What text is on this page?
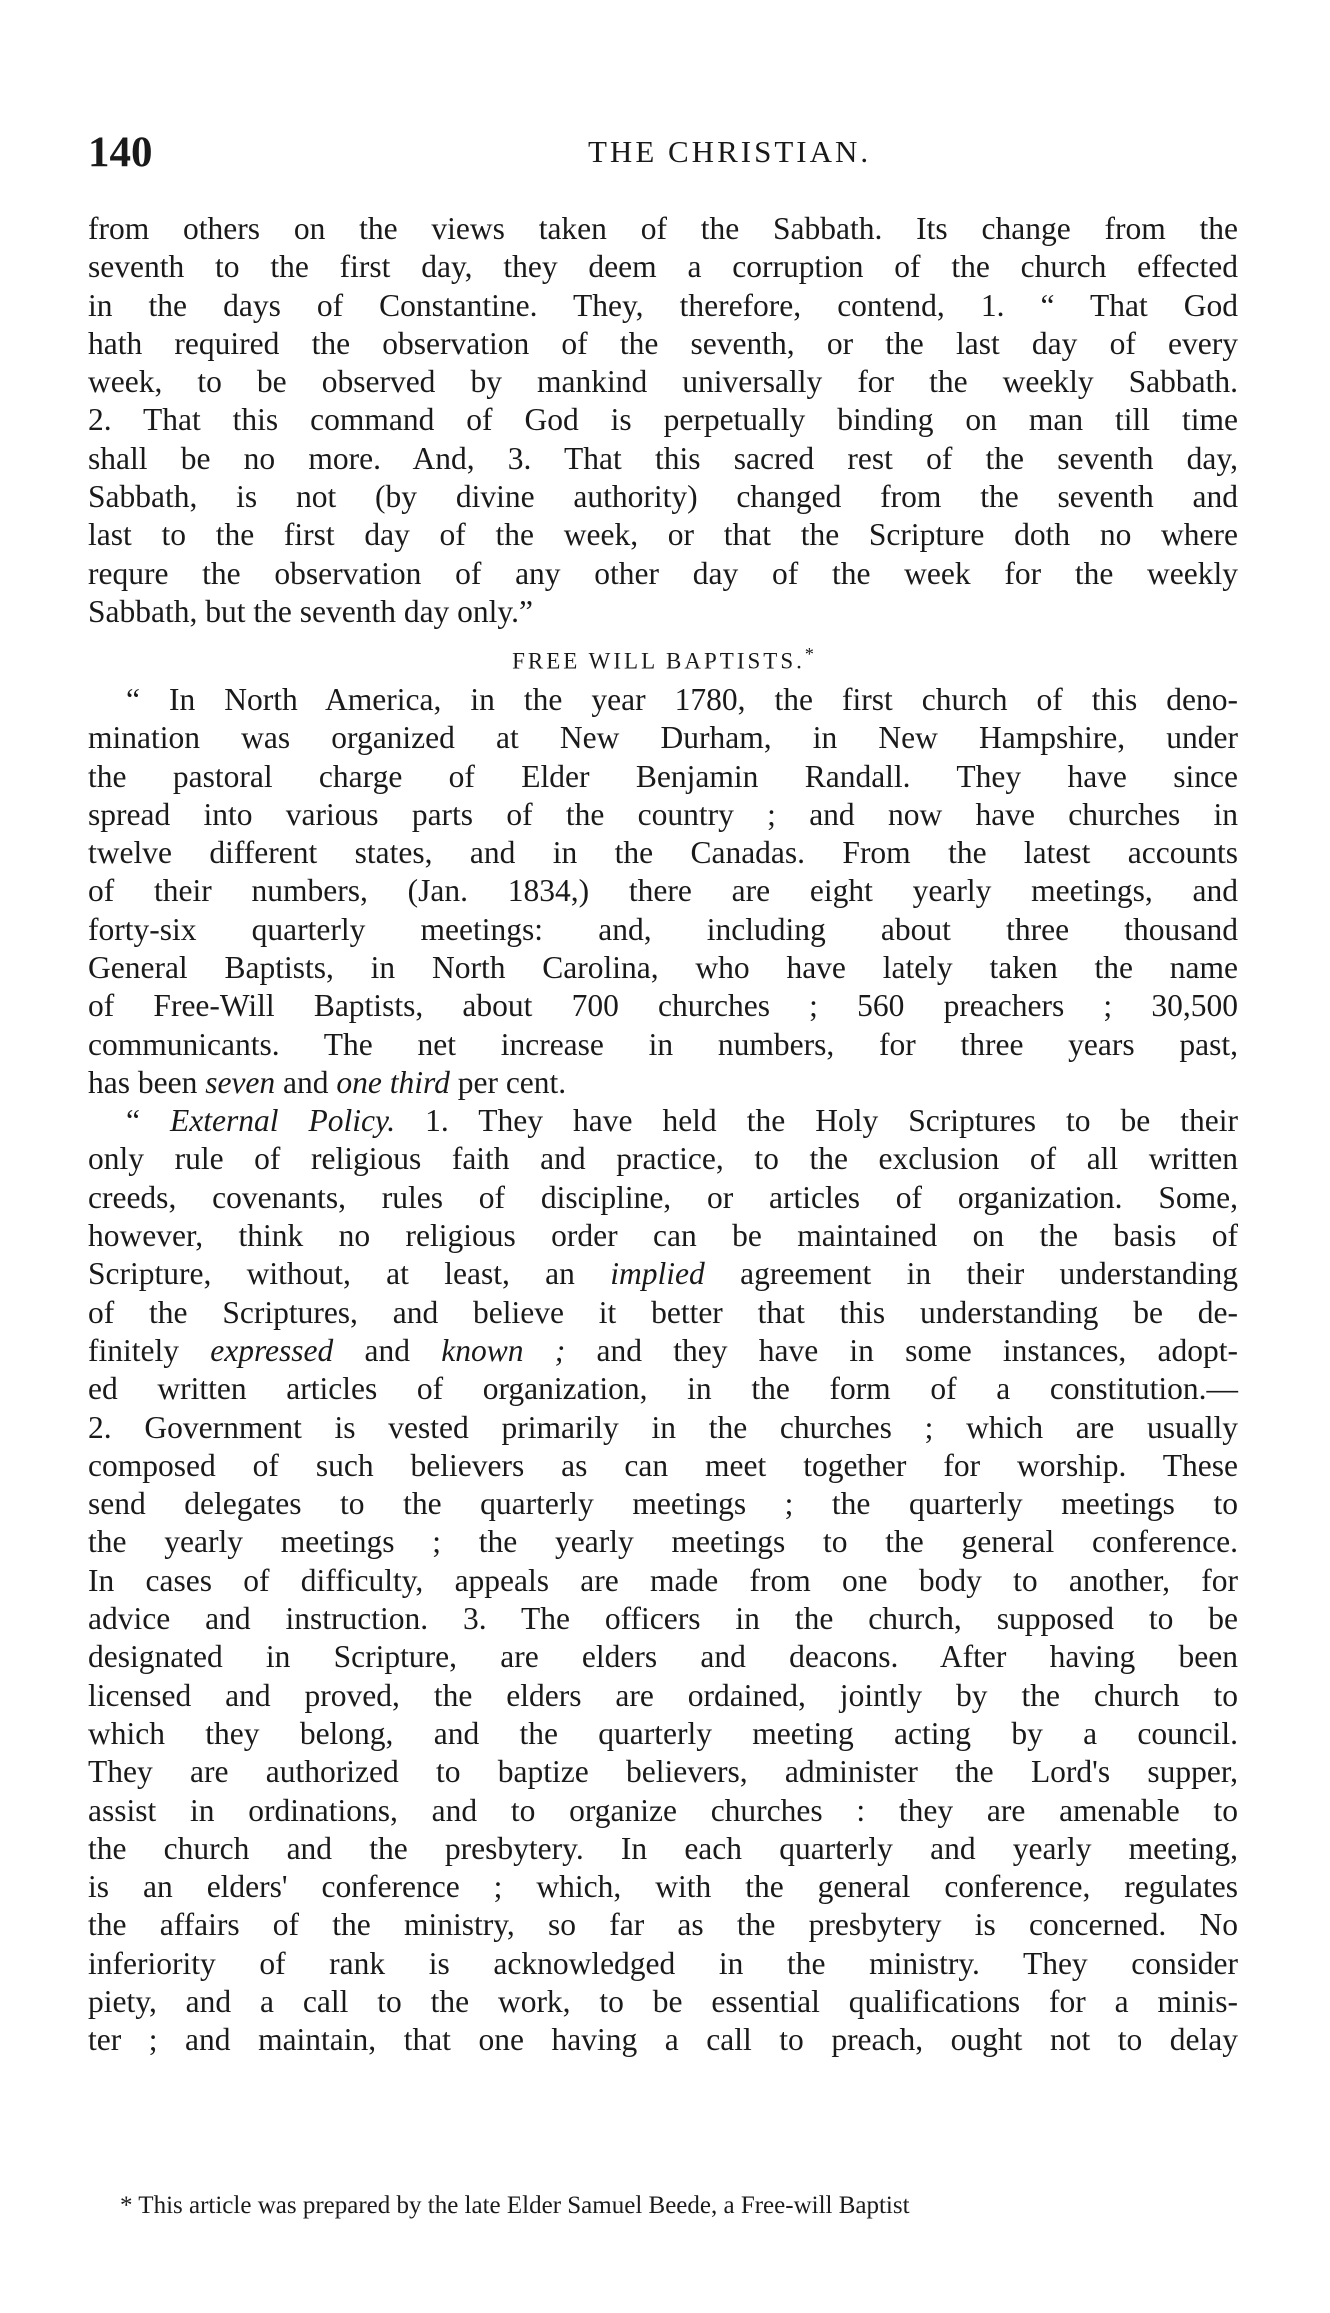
140	THE CHRISTIAN.
from others on the views taken of the Sabbath. Its change from the
seventh to the first day, they deem a corruption of the church effected
in the days of Constantine. They, therefore, contend, 1. “ That God
hath required the observation of the seventh, or the last day of every
week, to be observed by mankind universally for the weekly Sabbath.
2. That this command of God is perpetually binding on man till time
shall be no more. And, 3. That this sacred rest of the seventh day,
Sabbath, is not (by divine authority) changed from the seventh and
last to the first day of the week, or that the Scripture doth no where
requre the observation of any other day of the week for the weekly
Sabbath, but the seventh day only.”
FREE WILL BAPTISTS.*
“ In North America, in the year 1780, the first church of this deno-
mination was organized at New Durham, in New Hampshire, under
the pastoral charge of Elder Benjamin Randall. They have since
spread into various parts of the country ; and now have churches in
twelve different states, and in the Canadas. From the latest accounts
of their numbers, (Jan. 1834,) there are eight yearly meetings, and
forty-six quarterly meetings: and, including about three thousand
General Baptists, in North Carolina, who have lately taken the name
of Free-Will Baptists, about 700 churches ; 560 preachers ; 30,500
communicants. The net increase in numbers, for three years past,
has been seven and one third per cent.
“ External Policy. 1. They have held the Holy Scriptures to be their
only rule of religious faith and practice, to the exclusion of all written
creeds, covenants, rules of discipline, or articles of organization. Some,
however, think no religious order can be maintained on the basis of
Scripture, without, at least, an implied agreement in their understanding
of the Scriptures, and believe it better that this understanding be de-
finitely expressed and known ; and they have in some instances, adopt-
ed written articles of organization, in the form of a constitution.—
2. Government is vested primarily in the churches ; which are usually
composed of such believers as can meet together for worship. These
send delegates to the quarterly meetings ; the quarterly meetings to
the yearly meetings ; the yearly meetings to the general conference.
In cases of difficulty, appeals are made from one body to another, for
advice and instruction. 3. The officers in the church, supposed to be
designated in Scripture, are elders and deacons. After having been
licensed and proved, the elders are ordained, jointly by the church to
which they belong, and the quarterly meeting acting by a council.
They are authorized to baptize believers, administer the Lord's supper,
assist in ordinations, and to organize churches : they are amenable to
the church and the presbytery. In each quarterly and yearly meeting,
is an elders' conference ; which, with the general conference, regulates
the affairs of the ministry, so far as the presbytery is concerned. No
inferiority of rank is acknowledged in the ministry. They consider
piety, and a call to the work, to be essential qualifications for a minis-
ter ; and maintain, that one having a call to preach, ought not to delay
* This article was prepared by the late Elder Samuel Beede, a Free-will Baptist
